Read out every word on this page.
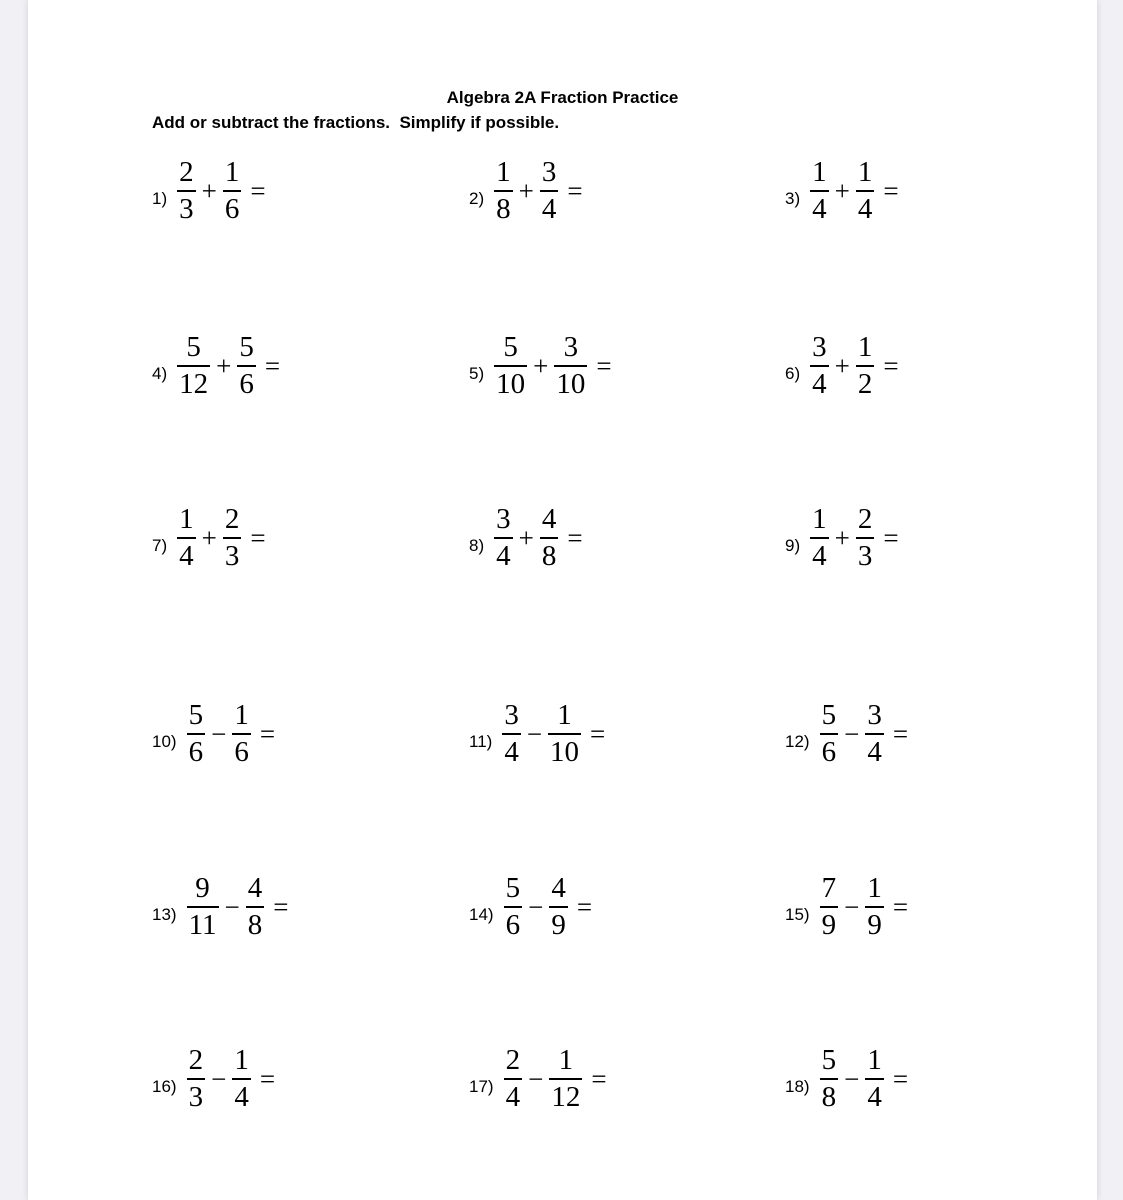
Algebra 2A Fraction Practice
Add or subtract the fractions.  Simplify if possible.
$1) \frac{2}{3} + \frac{1}{6}$ =	$2) \frac{1}{8} + \frac{3}{4}$ =	$3) \frac{1}{4} + \frac{1}{4}$ =
$4) \frac{5}{12} + \frac{5}{6}$ =	$5) \frac{5}{10} + \frac{3}{10}$ =	$6) \frac{3}{4} + \frac{1}{2}$ =
$7) \frac{1}{4} + \frac{2}{3}$ =	$8) \frac{3}{4} + \frac{4}{8}$ =	$9) \frac{1}{4} + \frac{2}{3}$ =
$10) \frac{5}{6} - \frac{1}{6}$ =	$11) \frac{3}{4} - \frac{1}{10}$ =	$12) \frac{5}{6} - \frac{3}{4}$ =
$13) \frac{9}{11} - \frac{4}{8}$ =	$14) \frac{5}{6} - \frac{4}{9}$ =	$15) \frac{7}{9} - \frac{1}{9}$ =
$16) \frac{2}{3} - \frac{1}{4}$ =	$17) \frac{2}{4} - \frac{1}{12}$ =	$18) \frac{5}{8} - \frac{1}{4}$ =
